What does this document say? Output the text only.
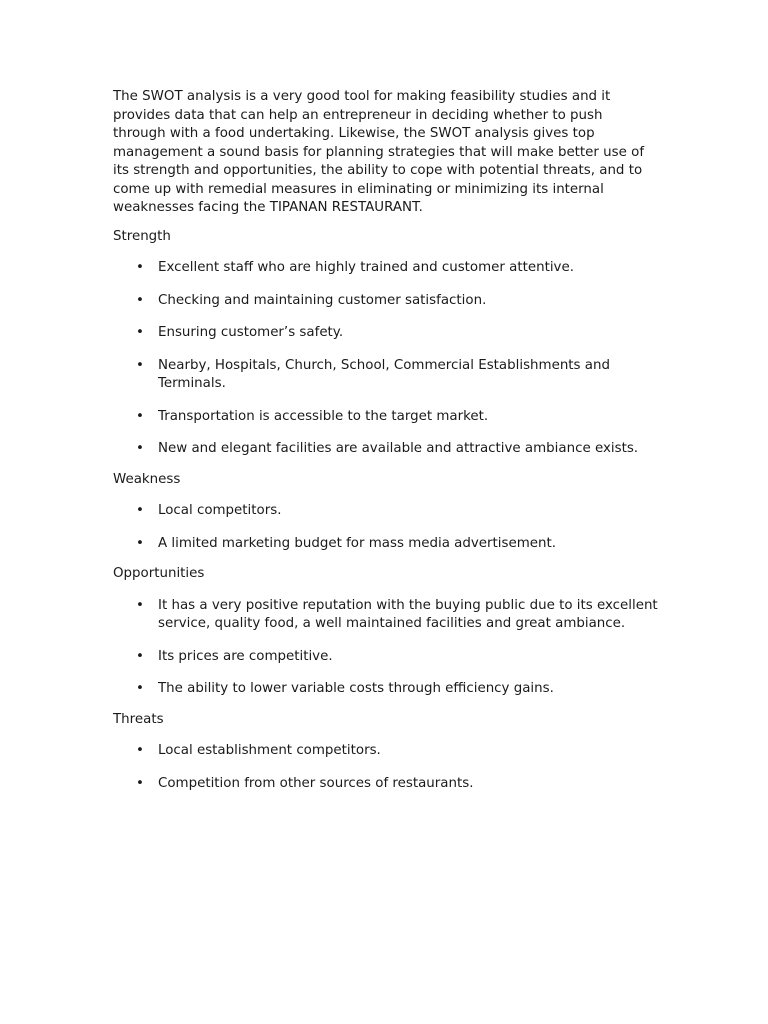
The SWOT analysis is a very good tool for making feasibility studies and it provides data that can help an entrepreneur in deciding whether to push through with a food undertaking. Likewise, the SWOT analysis gives top management a sound basis for planning strategies that will make better use of its strength and opportunities, the ability to cope with potential threats, and to come up with remedial measures in eliminating or minimizing its internal weaknesses facing the TIPANAN RESTAURANT.

Strength

• Excellent staff who are highly trained and customer attentive.
• Checking and maintaining customer satisfaction.
• Ensuring customer’s safety.
• Nearby, Hospitals, Church, School, Commercial Establishments and Terminals.
• Transportation is accessible to the target market.
• New and elegant facilities are available and attractive ambiance exists.

Weakness

• Local competitors.
• A limited marketing budget for mass media advertisement.

Opportunities

• It has a very positive reputation with the buying public due to its excellent service, quality food, a well maintained facilities and great ambiance.
• Its prices are competitive.
• The ability to lower variable costs through efficiency gains.

Threats

• Local establishment competitors.
• Competition from other sources of restaurants.
